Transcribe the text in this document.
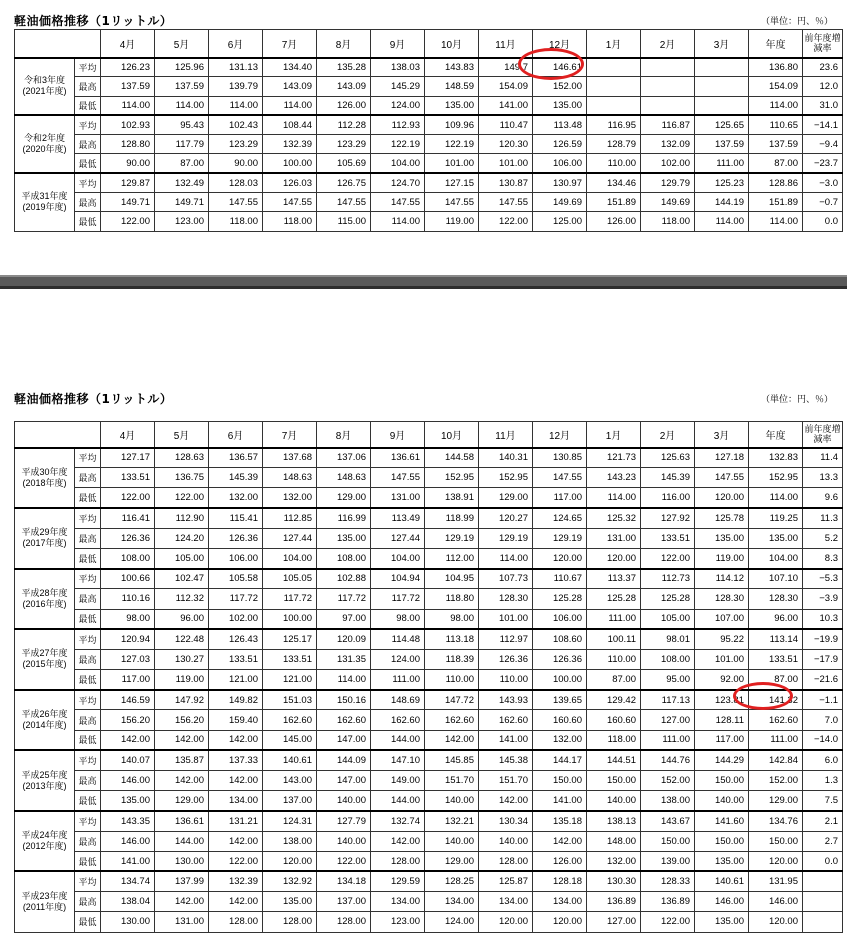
軽油価格推移（1リットル）	（単位：円、％）
		4月	5月	6月	7月	8月	9月	10月	11月	12月	1月	2月	3月	年度	前年度増減率
令和3年度
(2021年度)	平均	126.23	125.96	131.13	134.40	135.28	138.03	143.83	149.7	146.61				136.80	23.6
	最高	137.59	137.59	139.79	143.09	143.09	145.29	148.59	154.09	152.00				154.09	12.0
	最低	114.00	114.00	114.00	114.00	126.00	124.00	135.00	141.00	135.00				114.00	31.0
令和2年度
(2020年度)	平均	102.93	95.43	102.43	108.44	112.28	112.93	109.96	110.47	113.48	116.95	116.87	125.65	110.65	−14.1
	最高	128.80	117.79	123.29	132.39	123.29	122.19	122.19	120.30	126.59	128.79	132.09	137.59	137.59	−9.4
	最低	90.00	87.00	90.00	100.00	105.69	104.00	101.00	101.00	106.00	110.00	102.00	111.00	87.00	−23.7
平成31年度
(2019年度)	平均	129.87	132.49	128.03	126.03	126.75	124.70	127.15	130.87	130.97	134.46	129.79	125.23	128.86	−3.0
	最高	149.71	149.71	147.55	147.55	147.55	147.55	147.55	147.55	149.69	151.89	149.69	144.19	151.89	−0.7
	最低	122.00	123.00	118.00	118.00	115.00	114.00	119.00	122.00	125.00	126.00	118.00	114.00	114.00	0.0
軽油価格推移（1リットル）	（単位：円、％）
		4月	5月	6月	7月	8月	9月	10月	11月	12月	1月	2月	3月	年度	前年度増減率
平成30年度
(2018年度)	平均	127.17	128.63	136.57	137.68	137.06	136.61	144.58	140.31	130.85	121.73	125.63	127.18	132.83	11.4
	最高	133.51	136.75	145.39	148.63	148.63	147.55	152.95	152.95	147.55	143.23	145.39	147.55	152.95	13.3
	最低	122.00	122.00	132.00	132.00	129.00	131.00	138.91	129.00	117.00	114.00	116.00	120.00	114.00	9.6
平成29年度
(2017年度)	平均	116.41	112.90	115.41	112.85	116.99	113.49	118.99	120.27	124.65	125.32	127.92	125.78	119.25	11.3
	最高	126.36	124.20	126.36	127.44	135.00	127.44	129.19	129.19	129.19	131.00	133.51	135.00	135.00	5.2
	最低	108.00	105.00	106.00	104.00	108.00	104.00	112.00	114.00	120.00	120.00	122.00	119.00	104.00	8.3
平成28年度
(2016年度)	平均	100.66	102.47	105.58	105.05	102.88	104.94	104.95	107.73	110.67	113.37	112.73	114.12	107.10	−5.3
	最高	110.16	112.32	117.72	117.72	117.72	117.72	118.80	128.30	125.28	125.28	125.28	128.30	128.30	−3.9
	最低	98.00	96.00	102.00	100.00	97.00	98.00	98.00	101.00	106.00	111.00	105.00	107.00	96.00	10.3
平成27年度
(2015年度)	平均	120.94	122.48	126.43	125.17	120.09	114.48	113.18	112.97	108.60	100.11	98.01	95.22	113.14	−19.9
	最高	127.03	130.27	133.51	133.51	131.35	124.00	118.39	126.36	126.36	110.00	108.00	101.00	133.51	−17.9
	最低	117.00	119.00	121.00	121.00	114.00	111.00	110.00	110.00	100.00	87.00	95.00	92.00	87.00	−21.6
平成26年度
(2014年度)	平均	146.59	147.92	149.82	151.03	150.16	148.69	147.72	143.93	139.65	129.42	117.13	123.81	141.32	−1.1
	最高	156.20	156.20	159.40	162.60	162.60	162.60	162.60	162.60	160.60	160.60	127.00	128.11	162.60	7.0
	最低	142.00	142.00	142.00	145.00	147.00	144.00	142.00	141.00	132.00	118.00	111.00	117.00	111.00	−14.0
平成25年度
(2013年度)	平均	140.07	135.87	137.33	140.61	144.09	147.10	145.85	145.38	144.17	144.51	144.76	144.29	142.84	6.0
	最高	146.00	142.00	142.00	143.00	147.00	149.00	151.70	151.70	150.00	150.00	152.00	150.00	152.00	1.3
	最低	135.00	129.00	134.00	137.00	140.00	144.00	140.00	142.00	141.00	140.00	138.00	140.00	129.00	7.5
平成24年度
(2012年度)	平均	143.35	136.61	131.21	124.31	127.79	132.74	132.21	130.34	135.18	138.13	143.67	141.60	134.76	2.1
	最高	146.00	144.00	142.00	138.00	140.00	142.00	140.00	140.00	142.00	148.00	150.00	150.00	150.00	2.7
	最低	141.00	130.00	122.00	120.00	122.00	128.00	129.00	128.00	126.00	132.00	139.00	135.00	120.00	0.0
平成23年度
(2011年度)	平均	134.74	137.99	132.39	132.92	134.18	129.59	128.25	125.87	128.18	130.30	128.33	140.61	131.95	
	最高	138.04	142.00	142.00	135.00	137.00	134.00	134.00	134.00	134.00	136.89	136.89	146.00	146.00	
	最低	130.00	131.00	128.00	128.00	128.00	123.00	124.00	120.00	120.00	127.00	122.00	135.00	120.00	
